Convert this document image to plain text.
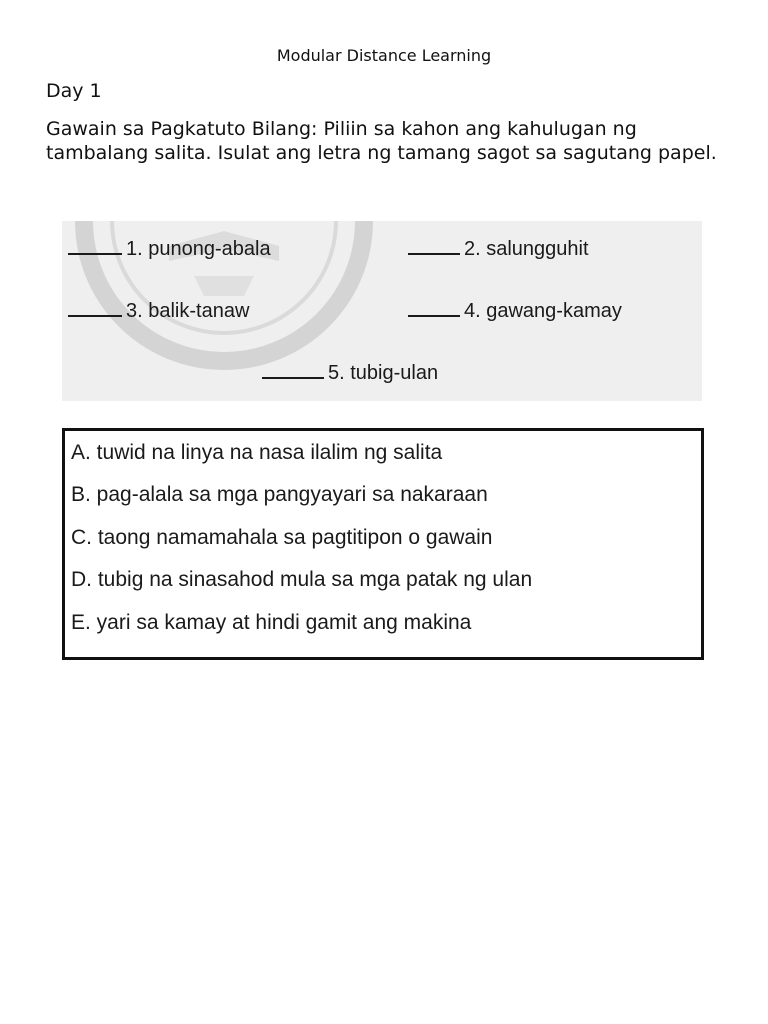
Modular Distance Learning
Day 1
Gawain sa Pagkatuto Bilang: Piliin sa kahon ang kahulugan ng tambalang salita. Isulat ang letra ng tamang sagot sa sagutang papel.
1. punong-abala	2. salungguhit
3. balik-tanaw	4. gawang-kamay
5. tubig-ulan
A. tuwid na linya na nasa ilalim ng salita
B. pag-alala sa mga pangyayari sa nakaraan
C. taong namamahala sa pagtitipon o gawain
D. tubig na sinasahod mula sa mga patak ng ulan
E. yari sa kamay at hindi gamit ang makina
